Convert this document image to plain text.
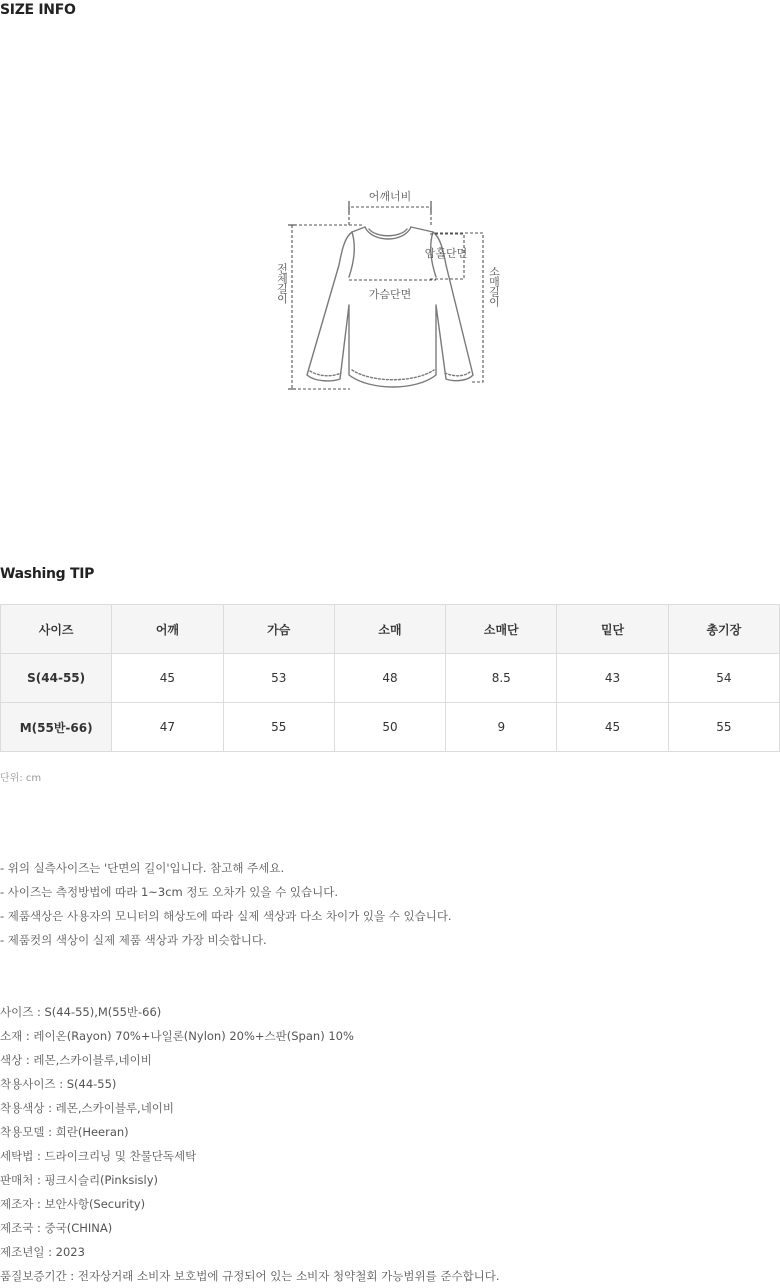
SIZE INFO
어깨너비
암홀단면
가슴단면
전체길이	소매길이
Washing TIP
사이즈	어깨	가슴	소매	소매단	밑단	총기장
S(44-55)	45	53	48	8.5	43	54
M(55반-66)	47	55	50	9	45	55
단위: cm
- 위의 실측사이즈는 '단면의 길이'입니다. 참고해 주세요.
- 사이즈는 측정방법에 따라 1~3cm 정도 오차가 있을 수 있습니다.
- 제품색상은 사용자의 모니터의 해상도에 따라 실제 색상과 다소 차이가 있을 수 있습니다.
- 제품컷의 색상이 실제 제품 색상과 가장 비슷합니다.
사이즈 : S(44-55),M(55반-66)
소재 : 레이온(Rayon) 70%+나일론(Nylon) 20%+스판(Span) 10%
색상 : 레몬,스카이블루,네이비
착용사이즈 : S(44-55)
착용색상 : 레몬,스카이블루,네이비
착용모델 : 희란(Heeran)
세탁법 : 드라이크리닝 및 찬물단독세탁
판매처 : 핑크시슬리(Pinksisly)
제조자 : 보안사항(Security)
제조국 : 중국(CHINA)
제조년일 : 2023
품질보증기간 : 전자상거래 소비자 보호법에 규정되어 있는 소비자 청약철회 가능범위를 준수합니다.
